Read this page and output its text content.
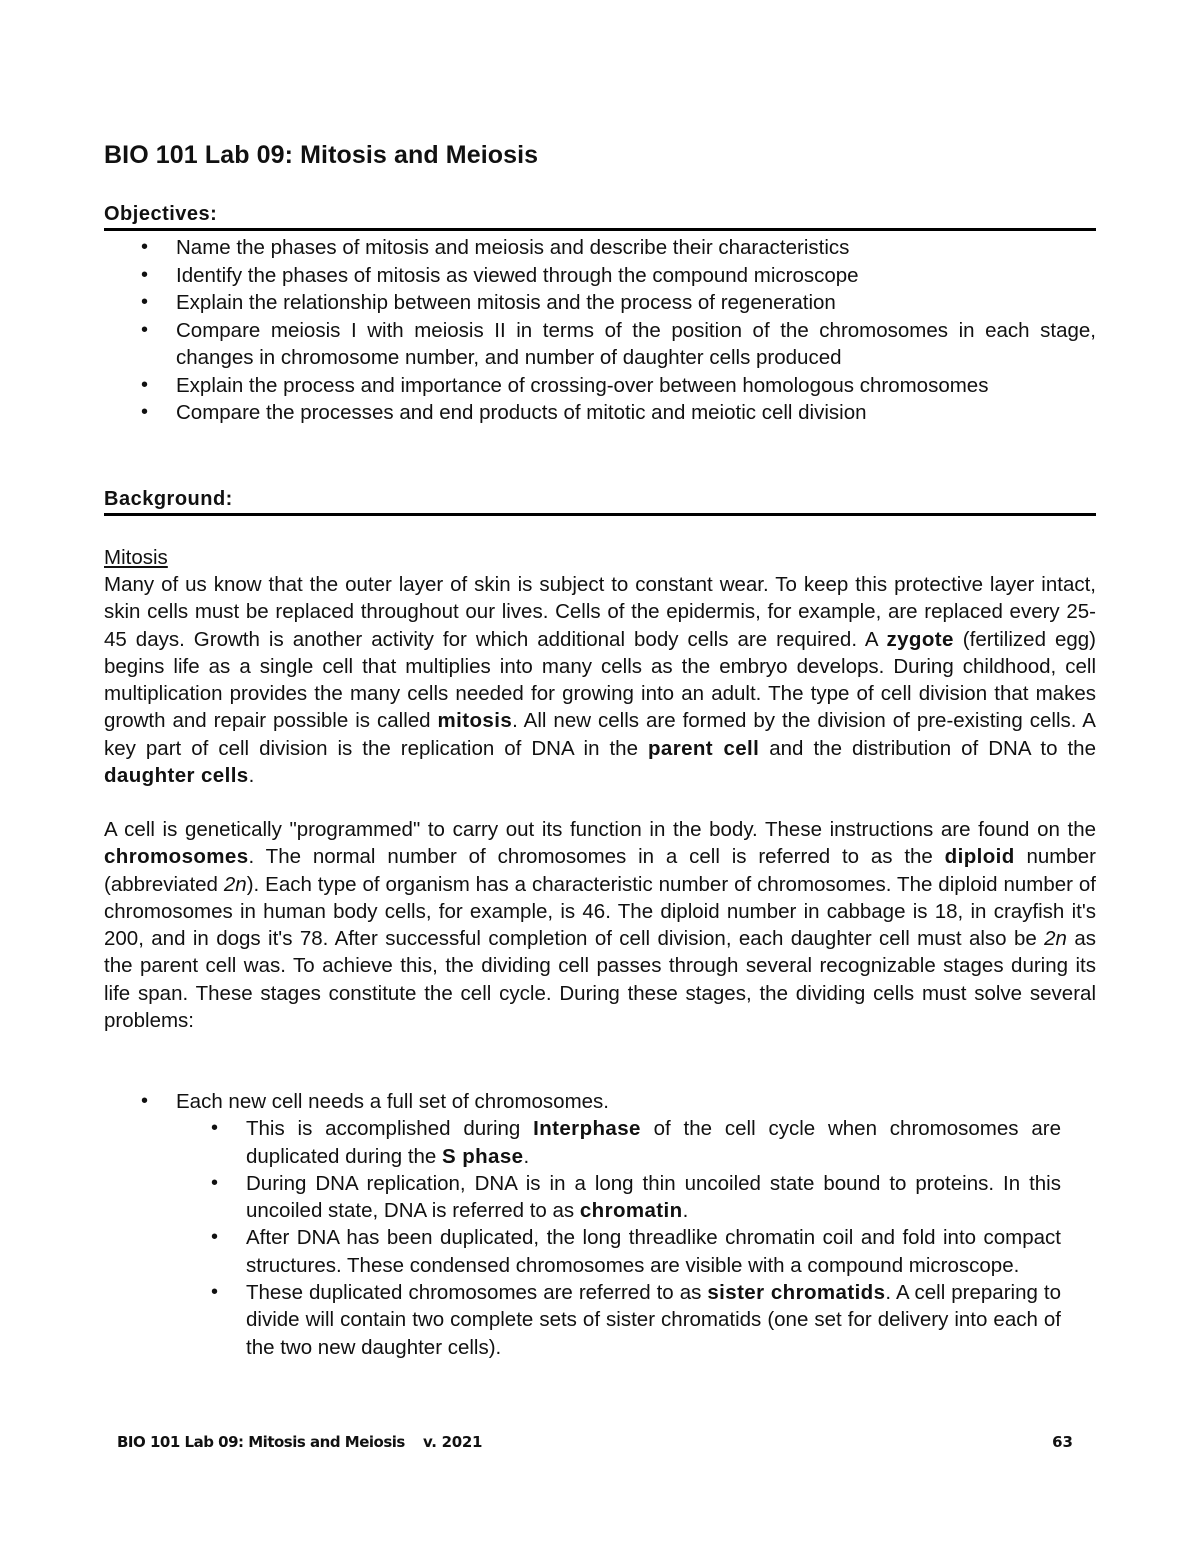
BIO 101 Lab 09: Mitosis and Meiosis
Objectives:
• Name the phases of mitosis and meiosis and describe their characteristics
• Identify the phases of mitosis as viewed through the compound microscope
• Explain the relationship between mitosis and the process of regeneration
• Compare meiosis I with meiosis II in terms of the position of the chromosomes in each stage, changes in chromosome number, and number of daughter cells produced
• Explain the process and importance of crossing-over between homologous chromosomes
• Compare the processes and end products of mitotic and meiotic cell division
Background:

Mitosis

Many of us know that the outer layer of skin is subject to constant wear. To keep this protective layer intact, skin cells must be replaced throughout our lives. Cells of the epidermis, for example, are replaced every 25-45 days. Growth is another activity for which additional body cells are required. A zygote (fertilized egg) begins life as a single cell that multiplies into many cells as the embryo develops. During childhood, cell multiplication provides the many cells needed for growing into an adult. The type of cell division that makes growth and repair possible is called mitosis. All new cells are formed by the division of pre-existing cells. A key part of cell division is the replication of DNA in the parent cell and the distribution of DNA to the daughter cells.

A cell is genetically "programmed" to carry out its function in the body. These instructions are found on the chromosomes. The normal number of chromosomes in a cell is referred to as the diploid number (abbreviated 2n). Each type of organism has a characteristic number of chromosomes. The diploid number of chromosomes in human body cells, for example, is 46. The diploid number in cabbage is 18, in crayfish it's 200, and in dogs it's 78. After successful completion of cell division, each daughter cell must also be 2n as the parent cell was. To achieve this, the dividing cell passes through several recognizable stages during its life span. These stages constitute the cell cycle. During these stages, the dividing cells must solve several problems:

• Each new cell needs a full set of chromosomes.
• This is accomplished during Interphase of the cell cycle when chromosomes are duplicated during the S phase.
• During DNA replication, DNA is in a long thin uncoiled state bound to proteins. In this uncoiled state, DNA is referred to as chromatin.
• After DNA has been duplicated, the long threadlike chromatin coil and fold into compact structures. These condensed chromosomes are visible with a compound microscope.
• These duplicated chromosomes are referred to as sister chromatids. A cell preparing to divide will contain two complete sets of sister chromatids (one set for delivery into each of the two new daughter cells).
BIO 101 Lab 09: Mitosis and Meiosis v. 2021	63
